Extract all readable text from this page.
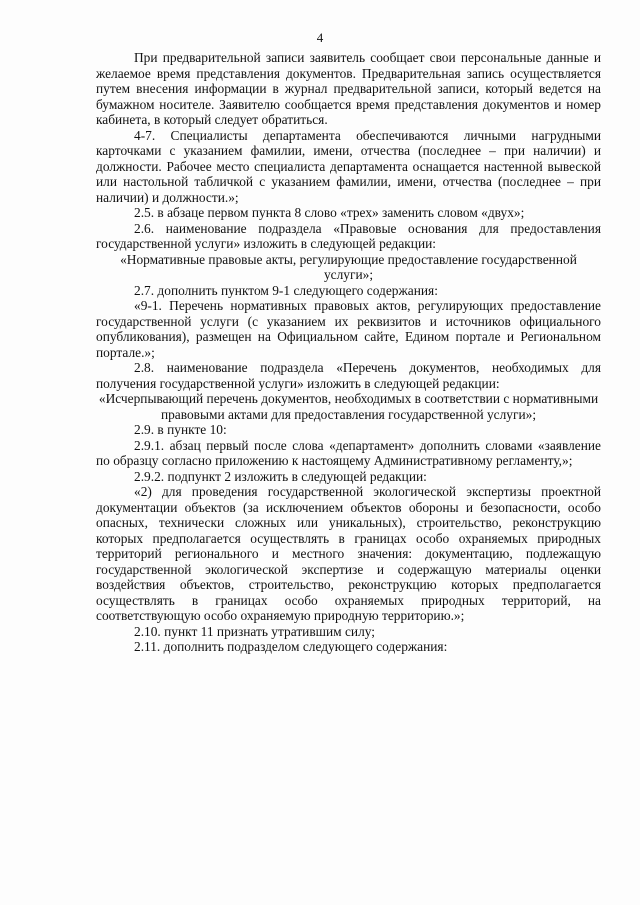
4

При предварительной записи заявитель сообщает свои персональные данные и желаемое время представления документов. Предварительная запись осуществляется путем внесения информации в журнал предварительной записи, который ведется на бумажном носителе. Заявителю сообщается время представления документов и номер кабинета, в который следует обратиться.

4-7. Специалисты департамента обеспечиваются личными нагрудными карточками с указанием фамилии, имени, отчества (последнее – при наличии) и должности. Рабочее место специалиста департамента оснащается настенной вывеской или настольной табличкой с указанием фамилии, имени, отчества (последнее – при наличии) и должности.»;

2.5. в абзаце первом пункта 8 слово «трех» заменить словом «двух»;

2.6. наименование подраздела «Правовые основания для предоставления государственной услуги» изложить в следующей редакции:

«Нормативные правовые акты, регулирующие предоставление государственной услуги»;

2.7. дополнить пунктом 9-1 следующего содержания:

«9-1. Перечень нормативных правовых актов, регулирующих предоставление государственной услуги (с указанием их реквизитов и источников официального опубликования), размещен на Официальном сайте, Едином портале и Региональном портале.»;

2.8. наименование подраздела «Перечень документов, необходимых для получения государственной услуги» изложить в следующей редакции:

«Исчерпывающий перечень документов, необходимых в соответствии с нормативными правовыми актами для предоставления государственной услуги»;

2.9. в пункте 10:

2.9.1. абзац первый после слова «департамент» дополнить словами «заявление по образцу согласно приложению к настоящему Административному регламенту,»;

2.9.2. подпункт 2 изложить в следующей редакции:

«2) для проведения государственной экологической экспертизы проектной документации объектов (за исключением объектов обороны и безопасности, особо опасных, технически сложных или уникальных), строительство, реконструкцию которых предполагается осуществлять в границах особо охраняемых природных территорий регионального и местного значения: документацию, подлежащую государственной экологической экспертизе и содержащую материалы оценки воздействия объектов, строительство, реконструкцию которых предполагается осуществлять в границах особо охраняемых природных территорий, на соответствующую особо охраняемую природную территорию.»;

2.10. пункт 11 признать утратившим силу;

2.11. дополнить подразделом следующего содержания:
